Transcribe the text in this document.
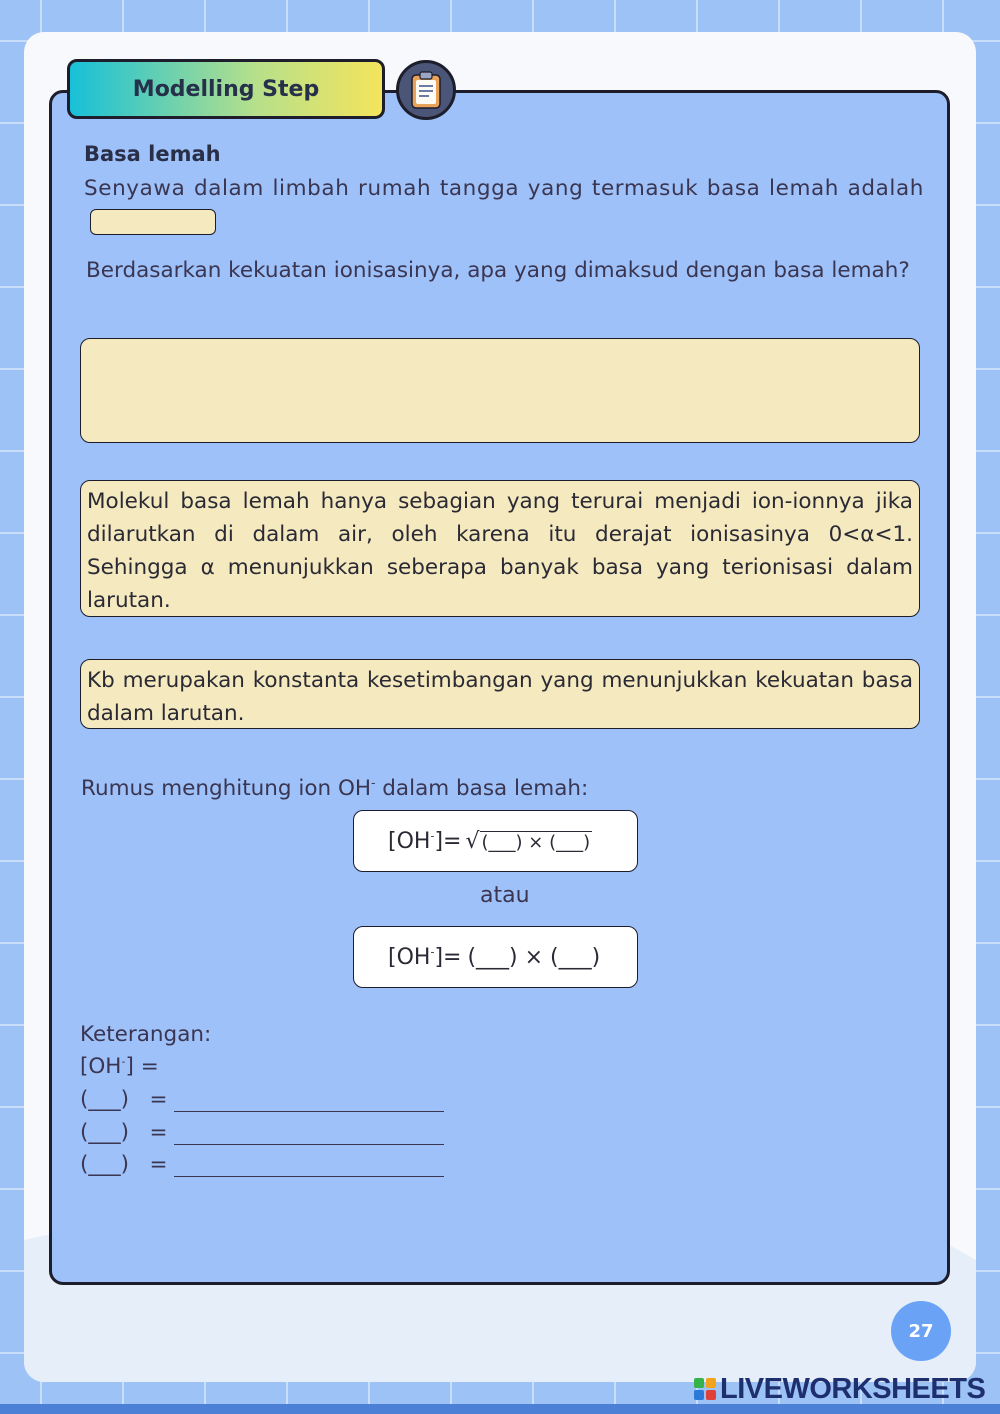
Modelling Step
Basa lemah
Senyawa dalam limbah rumah tangga yang termasuk basa lemah adalah
Berdasarkan kekuatan ionisasinya, apa yang dimaksud dengan basa lemah?
Molekul basa lemah hanya sebagian yang terurai menjadi ion-ionnya jika dilarutkan di dalam air, oleh karena itu derajat ionisasinya 0<α<1. Sehingga α menunjukkan seberapa banyak basa yang terionisasi dalam larutan.
Kb merupakan konstanta kesetimbangan yang menunjukkan kekuatan basa dalam larutan.
Rumus menghitung ion OH- dalam basa lemah:
[OH-]= √ (___) × (___)
atau
[OH-]= (___) × (___)
Keterangan:
[OH-] =
(___)   =
(___)   =
(___)   =
27
LIVEWORKSHEETS
